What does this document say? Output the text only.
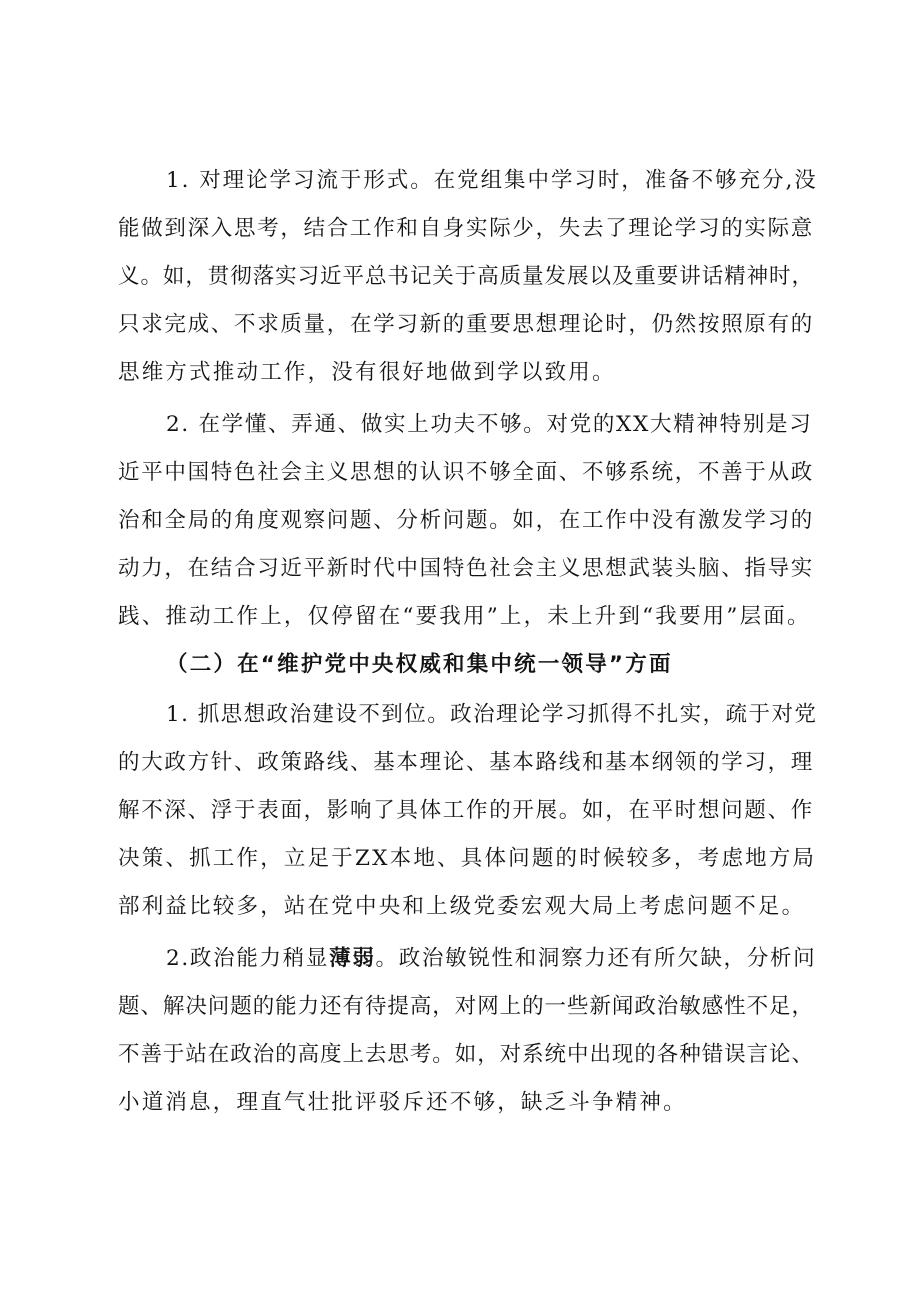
1. 对理论学习流于形式。在党组集中学习时，准备不够充分,没
能做到深入思考，结合工作和自身实际少，失去了理论学习的实际意
义。如，贯彻落实习近平总书记关于高质量发展以及重要讲话精神时，
只求完成、不求质量，在学习新的重要思想理论时，仍然按照原有的
思维方式推动工作，没有很好地做到学以致用。
2. 在学懂、弄通、做实上功夫不够。对党的XX大精神特别是习
近平中国特色社会主义思想的认识不够全面、不够系统，不善于从政
治和全局的角度观察问题、分析问题。如，在工作中没有激发学习的
动力，在结合习近平新时代中国特色社会主义思想武装头脑、指导实
践、推动工作上，仅停留在“要我用”上，未上升到“我要用”层面。
（二）在“维护党中央权威和集中统一领导”方面
1. 抓思想政治建设不到位。政治理论学习抓得不扎实，疏于对党
的大政方针、政策路线、基本理论、基本路线和基本纲领的学习，理
解不深、浮于表面，影响了具体工作的开展。如，在平时想问题、作
决策、抓工作，立足于ZX本地、具体问题的时候较多，考虑地方局
部利益比较多，站在党中央和上级党委宏观大局上考虑问题不足。
2.政治能力稍显薄弱。政治敏锐性和洞察力还有所欠缺，分析问
题、解决问题的能力还有待提高，对网上的一些新闻政治敏感性不足，
不善于站在政治的高度上去思考。如，对系统中出现的各种错误言论、
小道消息，理直气壮批评驳斥还不够，缺乏斗争精神。
